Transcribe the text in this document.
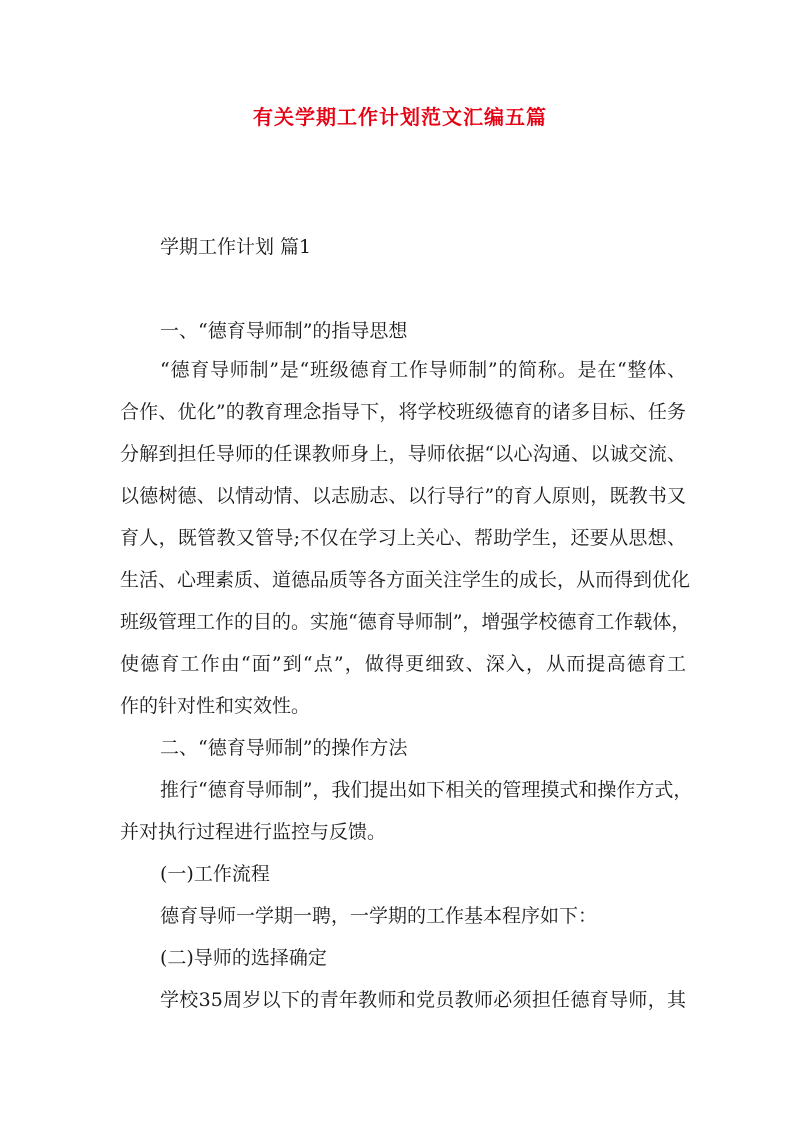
有关学期工作计划范文汇编五篇
学期工作计划 篇1
一、“德育导师制”的指导思想
“德育导师制”是“班级德育工作导师制”的简称。是在“整体、
合作、优化”的教育理念指导下，将学校班级德育的诸多目标、任务
分解到担任导师的任课教师身上，导师依据“以心沟通、以诚交流、
以德树德、以情动情、以志励志、以行导行”的育人原则，既教书又
育人，既管教又管导;不仅在学习上关心、帮助学生，还要从思想、
生活、心理素质、道德品质等各方面关注学生的成长，从而得到优化
班级管理工作的目的。实施“德育导师制”，增强学校德育工作载体，
使德育工作由“面”到“点”，做得更细致、深入，从而提高德育工
作的针对性和实效性。
二、“德育导师制”的操作方法
推行“德育导师制”，我们提出如下相关的管理摸式和操作方式，
并对执行过程进行监控与反馈。
(一)工作流程
德育导师一学期一聘，一学期的工作基本程序如下：
(二)导师的选择确定
学校35周岁以下的青年教师和党员教师必须担任德育导师，其
